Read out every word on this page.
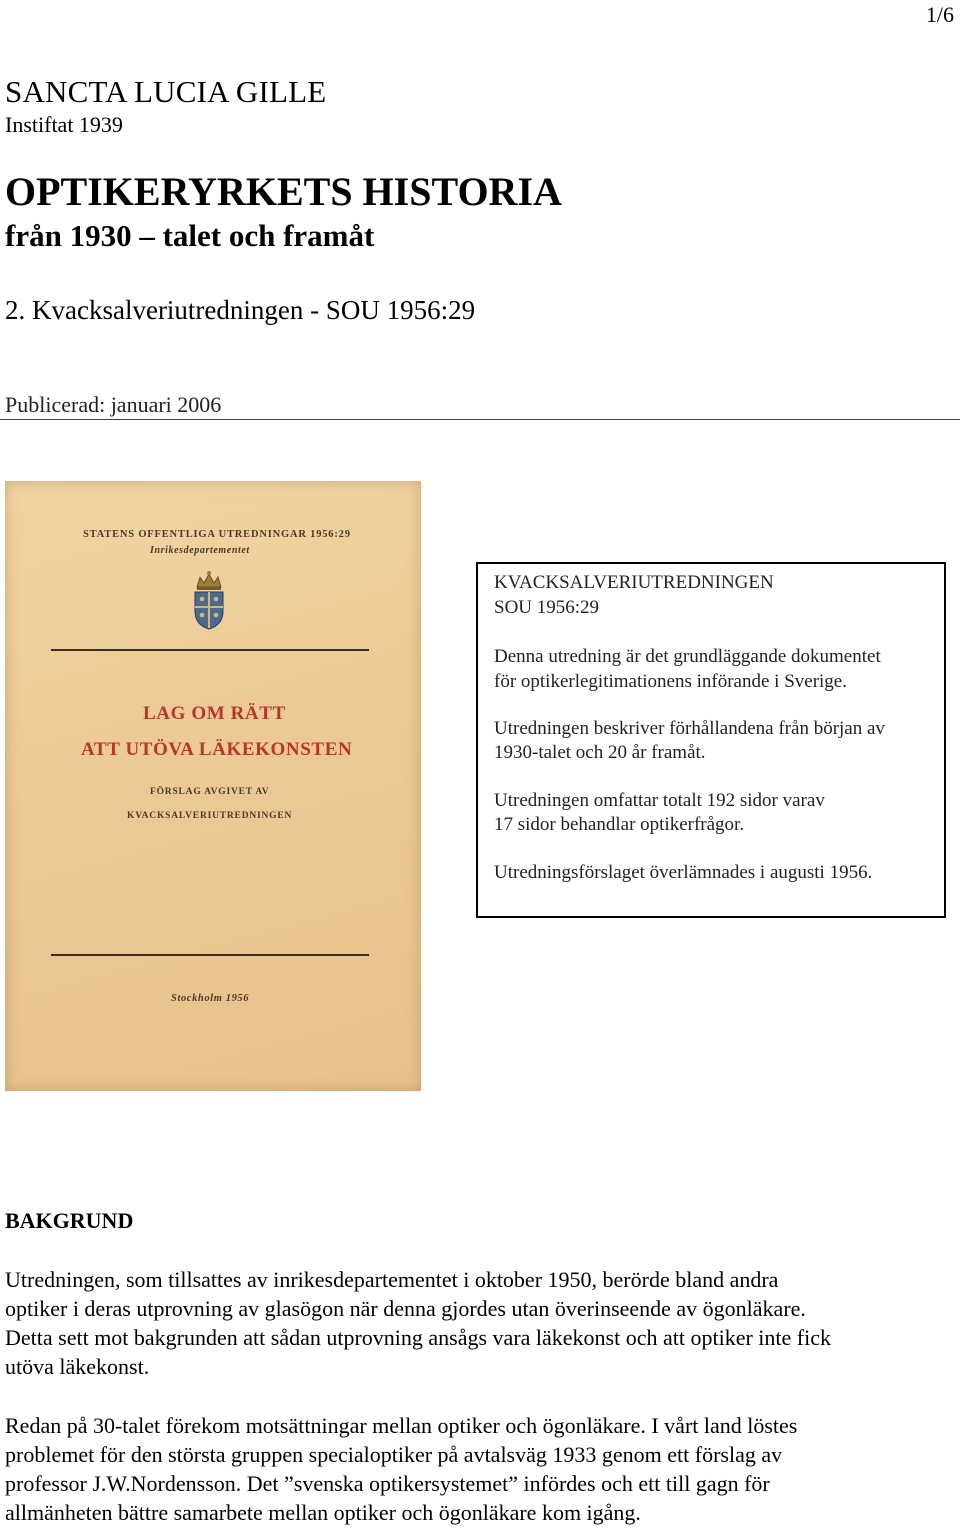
1/6
SANCTA LUCIA GILLE
Instiftat 1939
OPTIKERYRKETS HISTORIA
från 1930 – talet och framåt
2. Kvacksalveriutredningen - SOU 1956:29
Publicerad: januari 2006
STATENS OFFENTLIGA UTREDNINGAR 1956:29
Inrikesdepartementet
LAG OM RÄTT
ATT UTÖVA LÄKEKONSTEN
FÖRSLAG AVGIVET AV
KVACKSALVERIUTREDNINGEN
Stockholm 1956
KVACKSALVERIUTREDNINGEN
SOU 1956:29
Denna utredning är det grundläggande dokumentet
för optikerlegitimationens införande i Sverige.
Utredningen beskriver förhållandena från början av
1930-talet och 20 år framåt.
Utredningen omfattar totalt 192 sidor varav
17 sidor behandlar optikerfrågor.
Utredningsförslaget överlämnades i augusti 1956.
BAKGRUND
Utredningen, som tillsattes av inrikesdepartementet i oktober 1950, berörde bland andra
optiker i deras utprovning av glasögon när denna gjordes utan överinseende av ögonläkare.
Detta sett mot bakgrunden att sådan utprovning ansågs vara läkekonst och att optiker inte fick
utöva läkekonst.
Redan på 30-talet förekom motsättningar mellan optiker och ögonläkare. I vårt land löstes
problemet för den största gruppen specialoptiker på avtalsväg 1933 genom ett förslag av
professor J.W.Nordensson. Det ”svenska optikersystemet” infördes och ett till gagn för
allmänheten bättre samarbete mellan optiker och ögonläkare kom igång.
